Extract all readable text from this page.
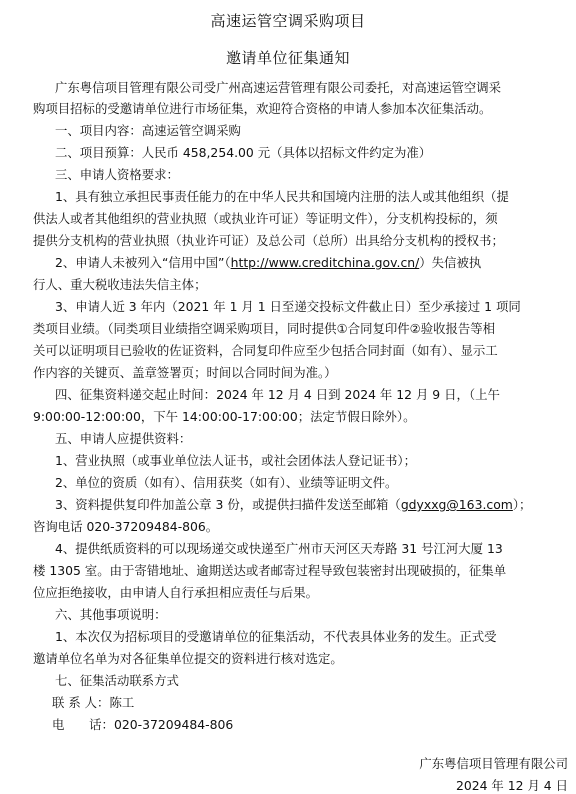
高速运管空调采购项目
邀请单位征集通知
广东粤信项目管理有限公司受广州高速运营管理有限公司委托，对高速运管空调采
购项目招标的受邀请单位进行市场征集，欢迎符合资格的申请人参加本次征集活动。
一、项目内容：高速运管空调采购
二、项目预算：人民币 458,254.00 元（具体以招标文件约定为准）
三、申请人资格要求：
1、具有独立承担民事责任能力的在中华人民共和国境内注册的法人或其他组织（提
供法人或者其他组织的营业执照（或执业许可证）等证明文件），分支机构投标的，须
提供分支机构的营业执照（执业许可证）及总公司（总所）出具给分支机构的授权书；
2、申请人未被列入“信用中国”（http://www.creditchina.gov.cn/）失信被执
行人、重大税收违法失信主体；
3、申请人近 3 年内（2021 年 1 月 1 日至递交投标文件截止日）至少承接过 1 项同
类项目业绩。（同类项目业绩指空调采购项目，同时提供①合同复印件②验收报告等相
关可以证明项目已验收的佐证资料，合同复印件应至少包括合同封面（如有）、显示工
作内容的关键页、盖章签署页；时间以合同时间为准。）
四、征集资料递交起止时间：2024 年 12 月 4 日到 2024 年 12 月 9 日，（上午
9:00:00-12:00:00，下午 14:00:00-17:00:00；法定节假日除外）。
五、申请人应提供资料：
1、营业执照（或事业单位法人证书，或社会团体法人登记证书）；
2、单位的资质（如有）、信用获奖（如有）、业绩等证明文件。
3、资料提供复印件加盖公章 3 份，或提供扫描件发送至邮箱（gdyxxg@163.com）；
咨询电话 020-37209484-806。
4、提供纸质资料的可以现场递交或快递至广州市天河区天寿路 31 号江河大厦 13
楼 1305 室。由于寄错地址、逾期送达或者邮寄过程导致包装密封出现破损的，征集单
位应拒绝接收，由申请人自行承担相应责任与后果。
六、其他事项说明：
1、本次仅为招标项目的受邀请单位的征集活动，不代表具体业务的发生。正式受
邀请单位名单为对各征集单位提交的资料进行核对选定。
七、征集活动联系方式
联 系 人：陈工
电　　话：020-37209484-806
广东粤信项目管理有限公司
2024 年 12 月 4 日
